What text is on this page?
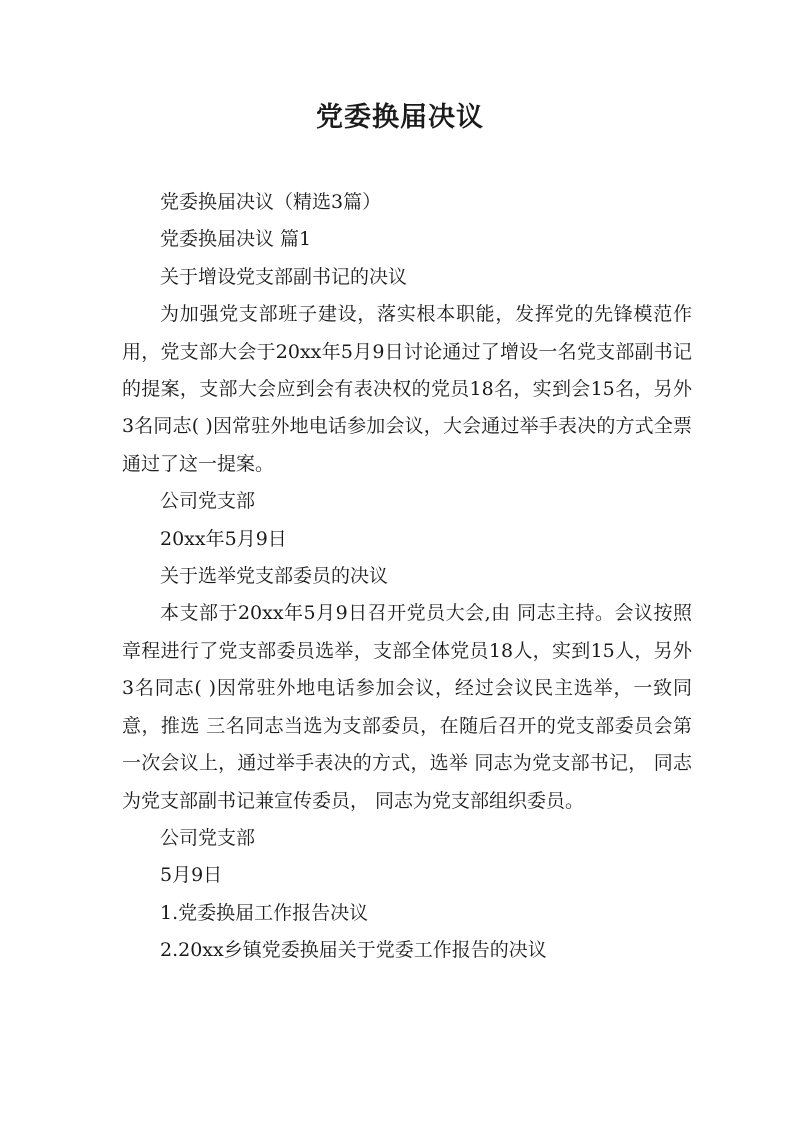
党委换届决议

党委换届决议（精选3篇）

党委换届决议 篇1

关于增设党支部副书记的决议

为加强党支部班子建设，落实根本职能，发挥党的先锋模范作用，党支部大会于20xx年5月9日讨论通过了增设一名党支部副书记的提案，支部大会应到会有表决权的党员18名，实到会15名，另外3名同志( )因常驻外地电话参加会议，大会通过举手表决的方式全票通过了这一提案。

公司党支部

20xx年5月9日

关于选举党支部委员的决议

本支部于20xx年5月9日召开党员大会,由 同志主持。会议按照章程进行了党支部委员选举，支部全体党员18人，实到15人，另外3名同志( )因常驻外地电话参加会议，经过会议民主选举，一致同意，推选 三名同志当选为支部委员，在随后召开的党支部委员会第一次会议上，通过举手表决的方式，选举 同志为党支部书记， 同志为党支部副书记兼宣传委员， 同志为党支部组织委员。

公司党支部

5月9日

1.党委换届工作报告决议

2.20xx乡镇党委换届关于党委工作报告的决议
